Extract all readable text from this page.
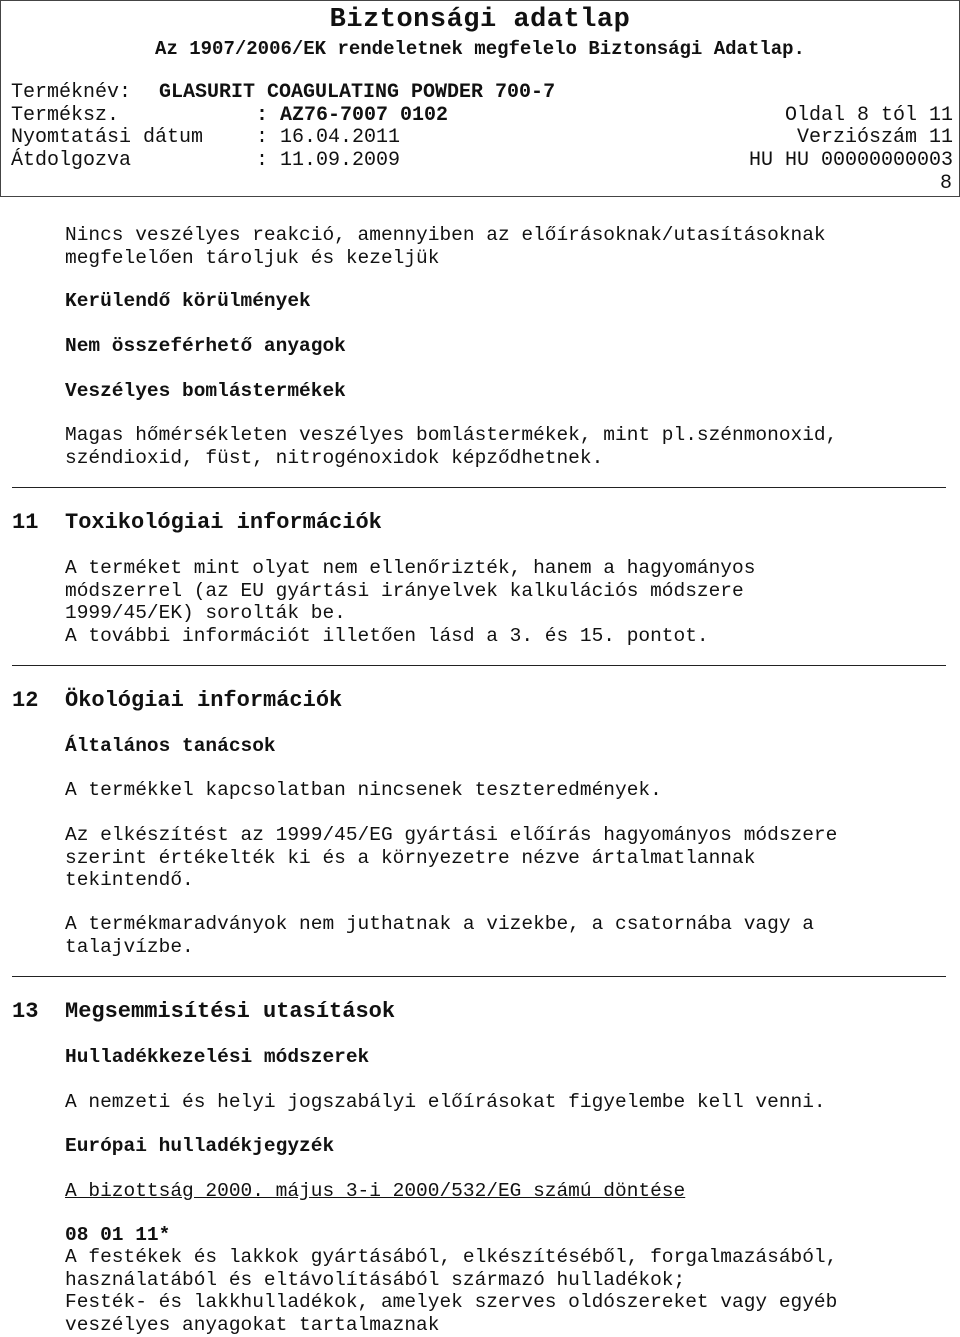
Biztonsági adatlap
Az 1907/2006/EK rendeletnek megfelelo Biztonsági Adatlap.
Terméknév: GLASURIT COAGULATING POWDER 700-7
Terméksz.	: AZ76-7007 0102	Oldal 8 tól 11
Nyomtatási dátum	: 16.04.2011	Verziószám 11
Átdolgozva	: 11.09.2009	HU HU 00000000003
8

Nincs veszélyes reakció, amennyiben az előírásoknak/utasításoknak
megfelelően tároljuk és kezeljük

Kerülendő körülmények
Nem összeférhető anyagok
Veszélyes bomlástermékek

Magas hőmérsékleten veszélyes bomlástermékek, mint pl.szénmonoxid,
széndioxid, füst, nitrogénoxidok képződhetnek.

11 Toxikológiai információk

A terméket mint olyat nem ellenőrizték, hanem a hagyományos
módszerrel (az EU gyártási irányelvek kalkulációs módszere
1999/45/EK) sorolták be.
A további információt illetően lásd a 3. és 15. pontot.

12 Ökológiai információk
Általános tanácsok

A termékkel kapcsolatban nincsenek teszteredmények.

Az elkészítést az 1999/45/EG gyártási előírás hagyományos módszere
szerint értékelték ki és a környezetre nézve ártalmatlannak
tekintendő.

A termékmaradványok nem juthatnak a vizekbe, a csatornába vagy a
talajvízbe.

13 Megsemmisítési utasítások
Hulladékkezelési módszerek

A nemzeti és helyi jogszabályi előírásokat figyelembe kell venni.

Európai hulladékjegyzék
A bizottság 2000. május 3-i 2000/532/EG számú döntése
08 01 11*

A festékek és lakkok gyártásából, elkészítéséből, forgalmazásából,
használatából és eltávolításából származó hulladékok;
Festék- és lakkhulladékok, amelyek szerves oldószereket vagy egyéb
veszélyes anyagokat tartalmaznak
